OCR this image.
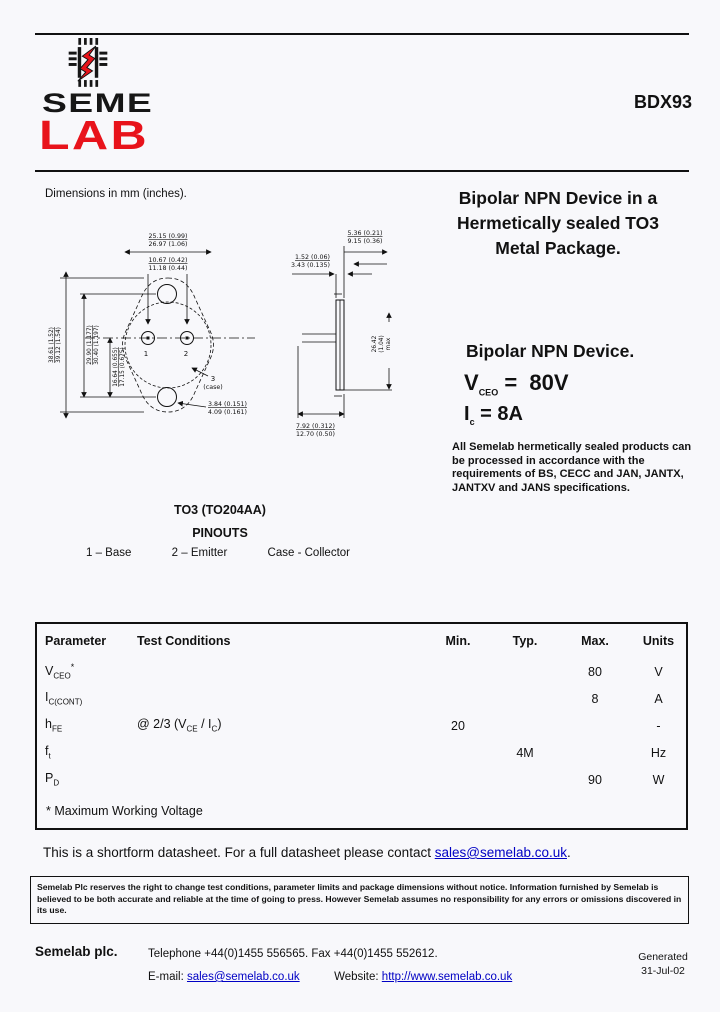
SEME
LAB
BDX93
Dimensions in mm (inches).	Bipolar NPN Device in a
Hermetically sealed TO3
Metal Package.
1	2
25.15 (0.99)
26.97 (1.06)
10.67 (0.42)
11.18 (0.44)
38.61 (1.52) 39.12 (1.54)	29.90 (1.177) 30.40 (1.197)
16.64 (0.655) 17.15 (0.675)
3.84 (0.151)
4.09 (0.161)
3
(case)
5.36 (0.21)
9.15 (0.36)
1.52 (0.06)
3.43 (0.135)
26.42 (1.04) max
7.92 (0.312)
12.70 (0.50)
Bipolar NPN Device.
$V_{CEO} = 80V$
$I_c = 8A$
All Semelab hermetically sealed products can be processed in accordance with the requirements of BS, CECC and JAN, JANTX, JANTXV and JANS specifications.
TO3 (TO204AA)
PINOUTS
1 – Base	2 – Emitter	Case - Collector
Parameter	Test Conditions	Min.	Typ.	Max.	Units
$V_{CEO}^*$				80	V
$I_{C(CONT)}$				8	A
$h_{FE}$	@ 2/3 $(V_{CE} / I_C)$	20			-
$f_t$			4M		Hz
$P_D$				90	W
* Maximum Working Voltage
This is a shortform datasheet. For a full datasheet please contact sales@semelab.co.uk.
Semelab Plc reserves the right to change test conditions, parameter limits and package dimensions without notice. Information furnished by Semelab is believed to be both accurate and reliable at the time of going to press. However Semelab assumes no responsibility for any errors or omissions discovered in its use.
Semelab plc.	Telephone +44(0)1455 556565. Fax +44(0)1455 552612.
E-mail: sales@semelab.co.uk	Website: http://www.semelab.co.uk
Generated
31-Jul-02
